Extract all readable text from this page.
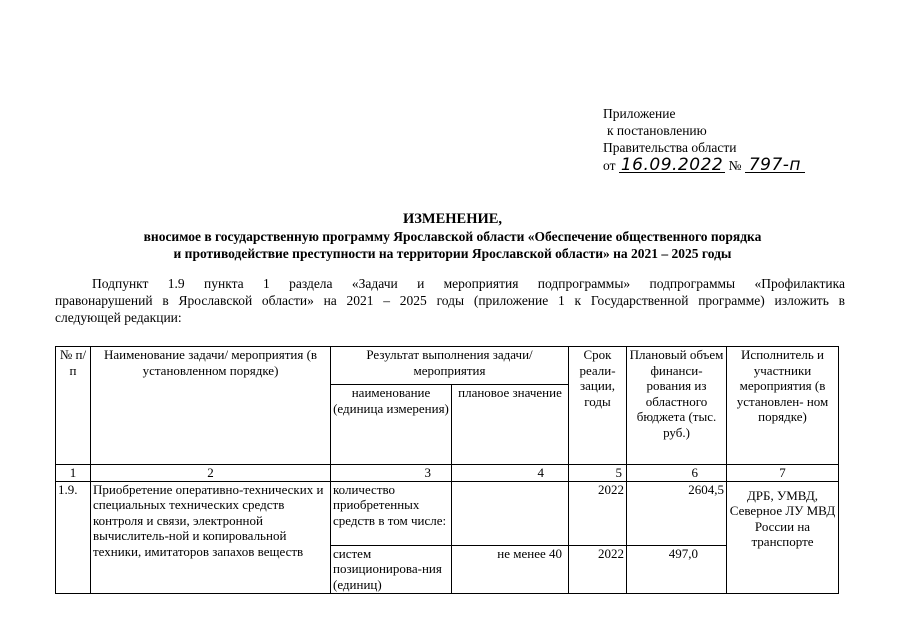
Приложение
к постановлению
Правительства области
от 16.09.2022 № 797-п
ИЗМЕНЕНИЕ,
вносимое в государственную программу Ярославской области «Обеспечение общественного порядка
и противодействие преступности на территории Ярославской области» на 2021 – 2025 годы
Подпункт 1.9 пункта 1 раздела «Задачи и мероприятия подпрограммы» подпрограммы «Профилактика
правонарушений в Ярославской области» на 2021 – 2025 годы (приложение 1 к Государственной программе) изложить в
следующей редакции:
№ п/п	Наименование задачи/ мероприятия (в установленном порядке)	Результат выполнения задачи/ мероприятия		Срок реали- зации, годы	Плановый объем финанси- рования из областного бюджета (тыс. руб.)	Исполнитель и участники мероприятия (в установлен- ном порядке)
		наименование (единица измерения)	плановое значение			
1	2	3	4	5	6	7
1.9.	Приобретение оперативно-технических и специальных технических средств контроля и связи, электронной вычислитель-ной и копировальной техники, имитаторов запахов веществ	количество приобретенных средств в том числе:		2022	2604,5	ДРБ, УМВД, Северное ЛУ МВД России на транспорте
		систем позиционирова-ния (единиц)	не менее 40	2022	497,0	
